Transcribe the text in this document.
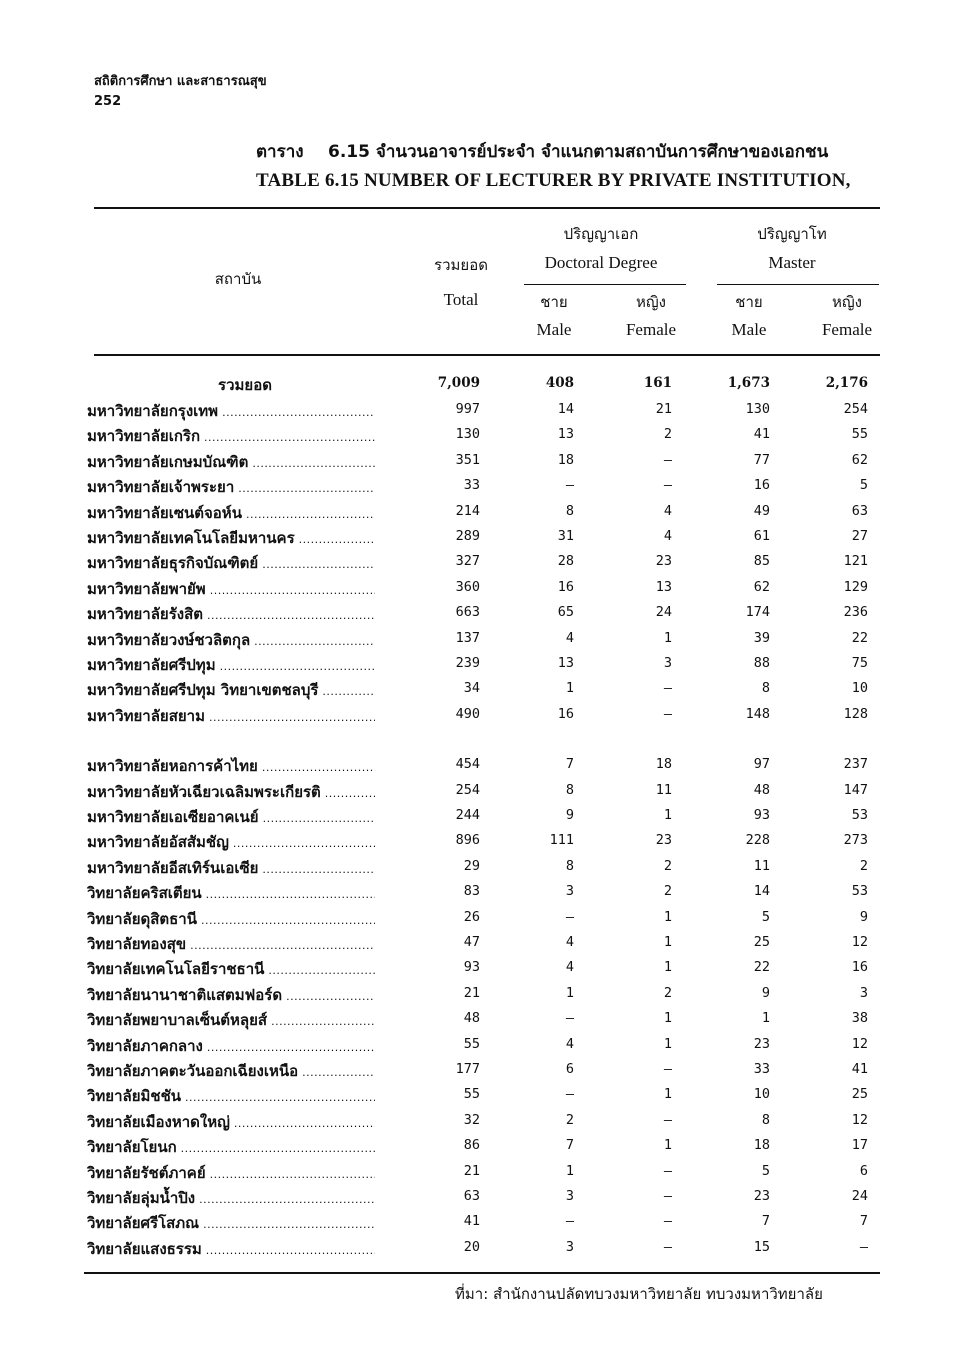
สถิติการศึกษา และสาธารณสุข
252
ตาราง 6.15 จำนวนอาจารย์ประจำ จำแนกตามสถาบันการศึกษาของเอกชน
TABLE 6.15 NUMBER OF LECTURER BY PRIVATE INSTITUTION,
สถาบัน
รวมยอด
Total
ปริญญาเอก
Doctoral Degree
ปริญญาโท
Master
ชาย
Male
หญิง
Female
ชาย
Male
หญิง
Female
รวมยอด	7,009	408	161	1,673	2,176
มหาวิทยาลัยกรุงเทพ .....	997	14	21	130	254
มหาวิทยาลัยเกริก .....	130	13	2	41	55
มหาวิทยาลัยเกษมบัณฑิต .....	351	18	–	77	62
มหาวิทยาลัยเจ้าพระยา .....	33	–	–	16	5
มหาวิทยาลัยเซนต์จอห์น .....	214	8	4	49	63
มหาวิทยาลัยเทคโนโลยีมหานคร .....	289	31	4	61	27
มหาวิทยาลัยธุรกิจบัณฑิตย์ .....	327	28	23	85	121
มหาวิทยาลัยพายัพ .....	360	16	13	62	129
มหาวิทยาลัยรังสิต .....	663	65	24	174	236
มหาวิทยาลัยวงษ์ชวลิตกุล .....	137	4	1	39	22
มหาวิทยาลัยศรีปทุม .....	239	13	3	88	75
มหาวิทยาลัยศรีปทุม วิทยาเขตชลบุรี .....	34	1	–	8	10
มหาวิทยาลัยสยาม .....	490	16	–	148	128
มหาวิทยาลัยหอการค้าไทย .....	454	7	18	97	237
มหาวิทยาลัยหัวเฉียวเฉลิมพระเกียรติ .....	254	8	11	48	147
มหาวิทยาลัยเอเซียอาคเนย์ .....	244	9	1	93	53
มหาวิทยาลัยอัสสัมชัญ .....	896	111	23	228	273
มหาวิทยาลัยอีสเทิร์นเอเซีย .....	29	8	2	11	2
วิทยาลัยคริสเตียน .....	83	3	2	14	53
วิทยาลัยดุสิตธานี .....	26	–	1	5	9
วิทยาลัยทองสุข .....	47	4	1	25	12
วิทยาลัยเทคโนโลยีราชธานี .....	93	4	1	22	16
วิทยาลัยนานาชาติแสตมฟอร์ด .....	21	1	2	9	3
วิทยาลัยพยาบาลเซ็นต์หลุยส์ .....	48	–	1	1	38
วิทยาลัยภาคกลาง .....	55	4	1	23	12
วิทยาลัยภาคตะวันออกเฉียงเหนือ .....	177	6	–	33	41
วิทยาลัยมิชชัน .....	55	–	1	10	25
วิทยาลัยเมืองหาดใหญ่ .....	32	2	–	8	12
วิทยาลัยโยนก .....	86	7	1	18	17
วิทยาลัยรัชต์ภาคย์ .....	21	1	–	5	6
วิทยาลัยลุ่มน้ำปิง .....	63	3	–	23	24
วิทยาลัยศรีโสภณ .....	41	–	–	7	7
วิทยาลัยแสงธรรม .....	20	3	–	15	–
ที่มา: สำนักงานปลัดทบวงมหาวิทยาลัย ทบวงมหาวิทยาลัย
